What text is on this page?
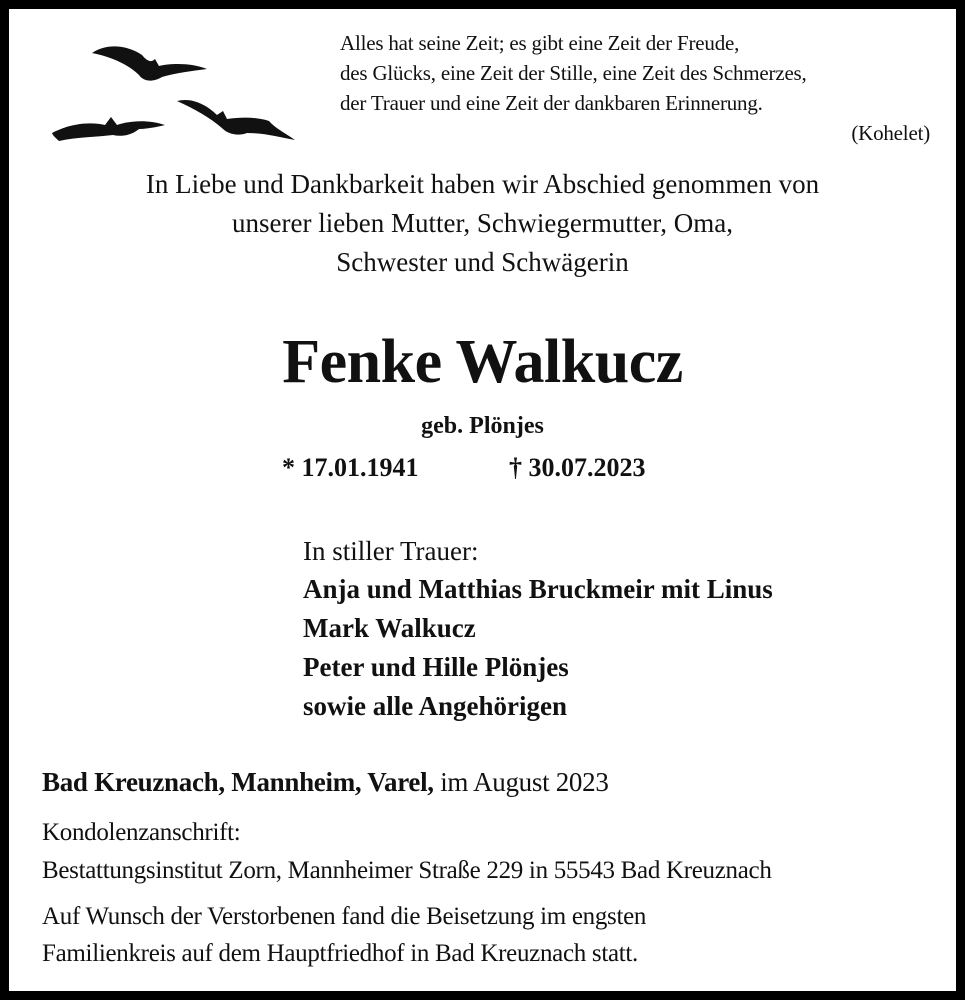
Alles hat seine Zeit; es gibt eine Zeit der Freude,
des Glücks, eine Zeit der Stille, eine Zeit des Schmerzes,
der Trauer und eine Zeit der dankbaren Erinnerung.
(Kohelet)
In Liebe und Dankbarkeit haben wir Abschied genommen von
unserer lieben Mutter, Schwiegermutter, Oma,
Schwester und Schwägerin
Fenke Walkucz
geb. Plönjes
* 17.01.1941	† 30.07.2023
In stiller Trauer:
Anja und Matthias Bruckmeir mit Linus
Mark Walkucz
Peter und Hille Plönjes
sowie alle Angehörigen
Bad Kreuznach, Mannheim, Varel, im August 2023
Kondolenzanschrift:
Bestattungsinstitut Zorn, Mannheimer Straße 229 in 55543 Bad Kreuznach
Auf Wunsch der Verstorbenen fand die Beisetzung im engsten
Familienkreis auf dem Hauptfriedhof in Bad Kreuznach statt.
